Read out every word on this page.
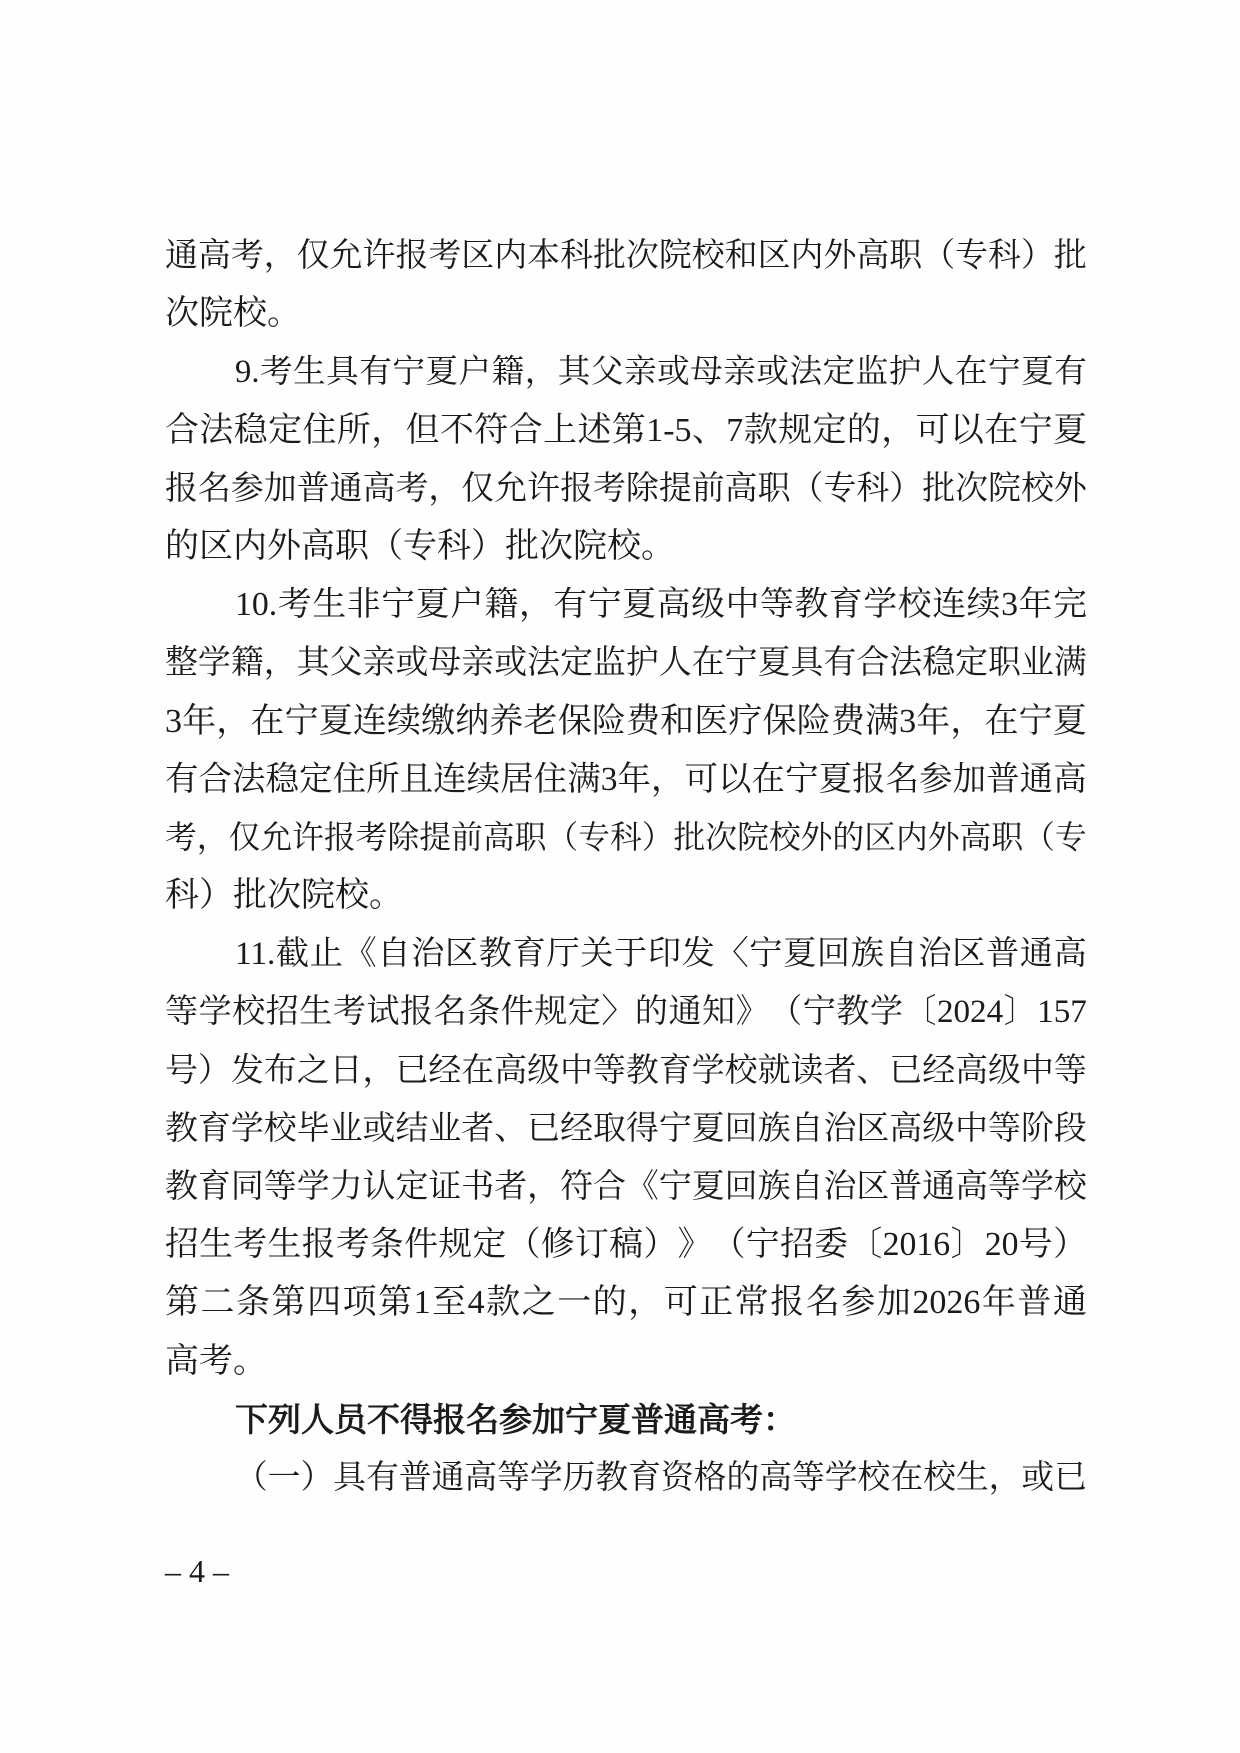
通 高 考 ， 仅 允 许 报 考 区 内 本 科 批 次 院 校 和 区 内 外 高 职 （ 专 科 ） 批
次院校。
9. 考 生 具 有 宁 夏 户 籍 ， 其 父 亲 或 母 亲 或 法 定 监 护 人 在 宁 夏 有
合 法 稳 定 住 所 ， 但 不 符 合 上 述 第 1-5 、 7 款 规 定 的 ， 可 以 在 宁 夏
报 名 参 加 普 通 高 考 ， 仅 允 许 报 考 除 提 前 高 职 （ 专 科 ） 批 次 院 校 外
的区内外高职（专科）批次院校。
10. 考 生 非 宁 夏 户 籍 ， 有 宁 夏 高 级 中 等 教 育 学 校 连 续 3 年 完
整 学 籍 ， 其 父 亲 或 母 亲 或 法 定 监 护 人 在 宁 夏 具 有 合 法 稳 定 职 业 满
3 年 ， 在 宁 夏 连 续 缴 纳 养 老 保 险 费 和 医 疗 保 险 费 满 3 年 ， 在 宁 夏
有 合 法 稳 定 住 所 且 连 续 居 住 满 3 年 ， 可 以 在 宁 夏 报 名 参 加 普 通 高
考 ， 仅 允 许 报 考 除 提 前 高 职 （ 专 科 ） 批 次 院 校 外 的 区 内 外 高 职 （ 专
科）批次院校。
11. 截 止 《 自 治 区 教 育 厅 关 于 印 发 〈 宁 夏 回 族 自 治 区 普 通 高
等 学 校 招 生 考 试 报 名 条 件 规 定 〉 的 通 知 》 （ 宁 教 学 〔 2024 〕 157
号 ） 发 布 之 日 ， 已 经 在 高 级 中 等 教 育 学 校 就 读 者 、 已 经 高 级 中 等
教 育 学 校 毕 业 或 结 业 者 、 已 经 取 得 宁 夏 回 族 自 治 区 高 级 中 等 阶 段
教 育 同 等 学 力 认 定 证 书 者 ， 符 合 《 宁 夏 回 族 自 治 区 普 通 高 等 学 校
招 生 考 生 报 考 条 件 规 定 （ 修 订 稿 ） 》 （ 宁 招 委 〔 2016 〕 20 号 ）
第 二 条 第 四 项 第 1 至 4 款 之 一 的 ， 可 正 常 报 名 参 加 2026 年 普 通
高考。
下列人员不得报名参加宁夏普通高考：
（ 一 ） 具 有 普 通 高 等 学 历 教 育 资 格 的 高 等 学 校 在 校 生 ， 或 已
– 4 –
